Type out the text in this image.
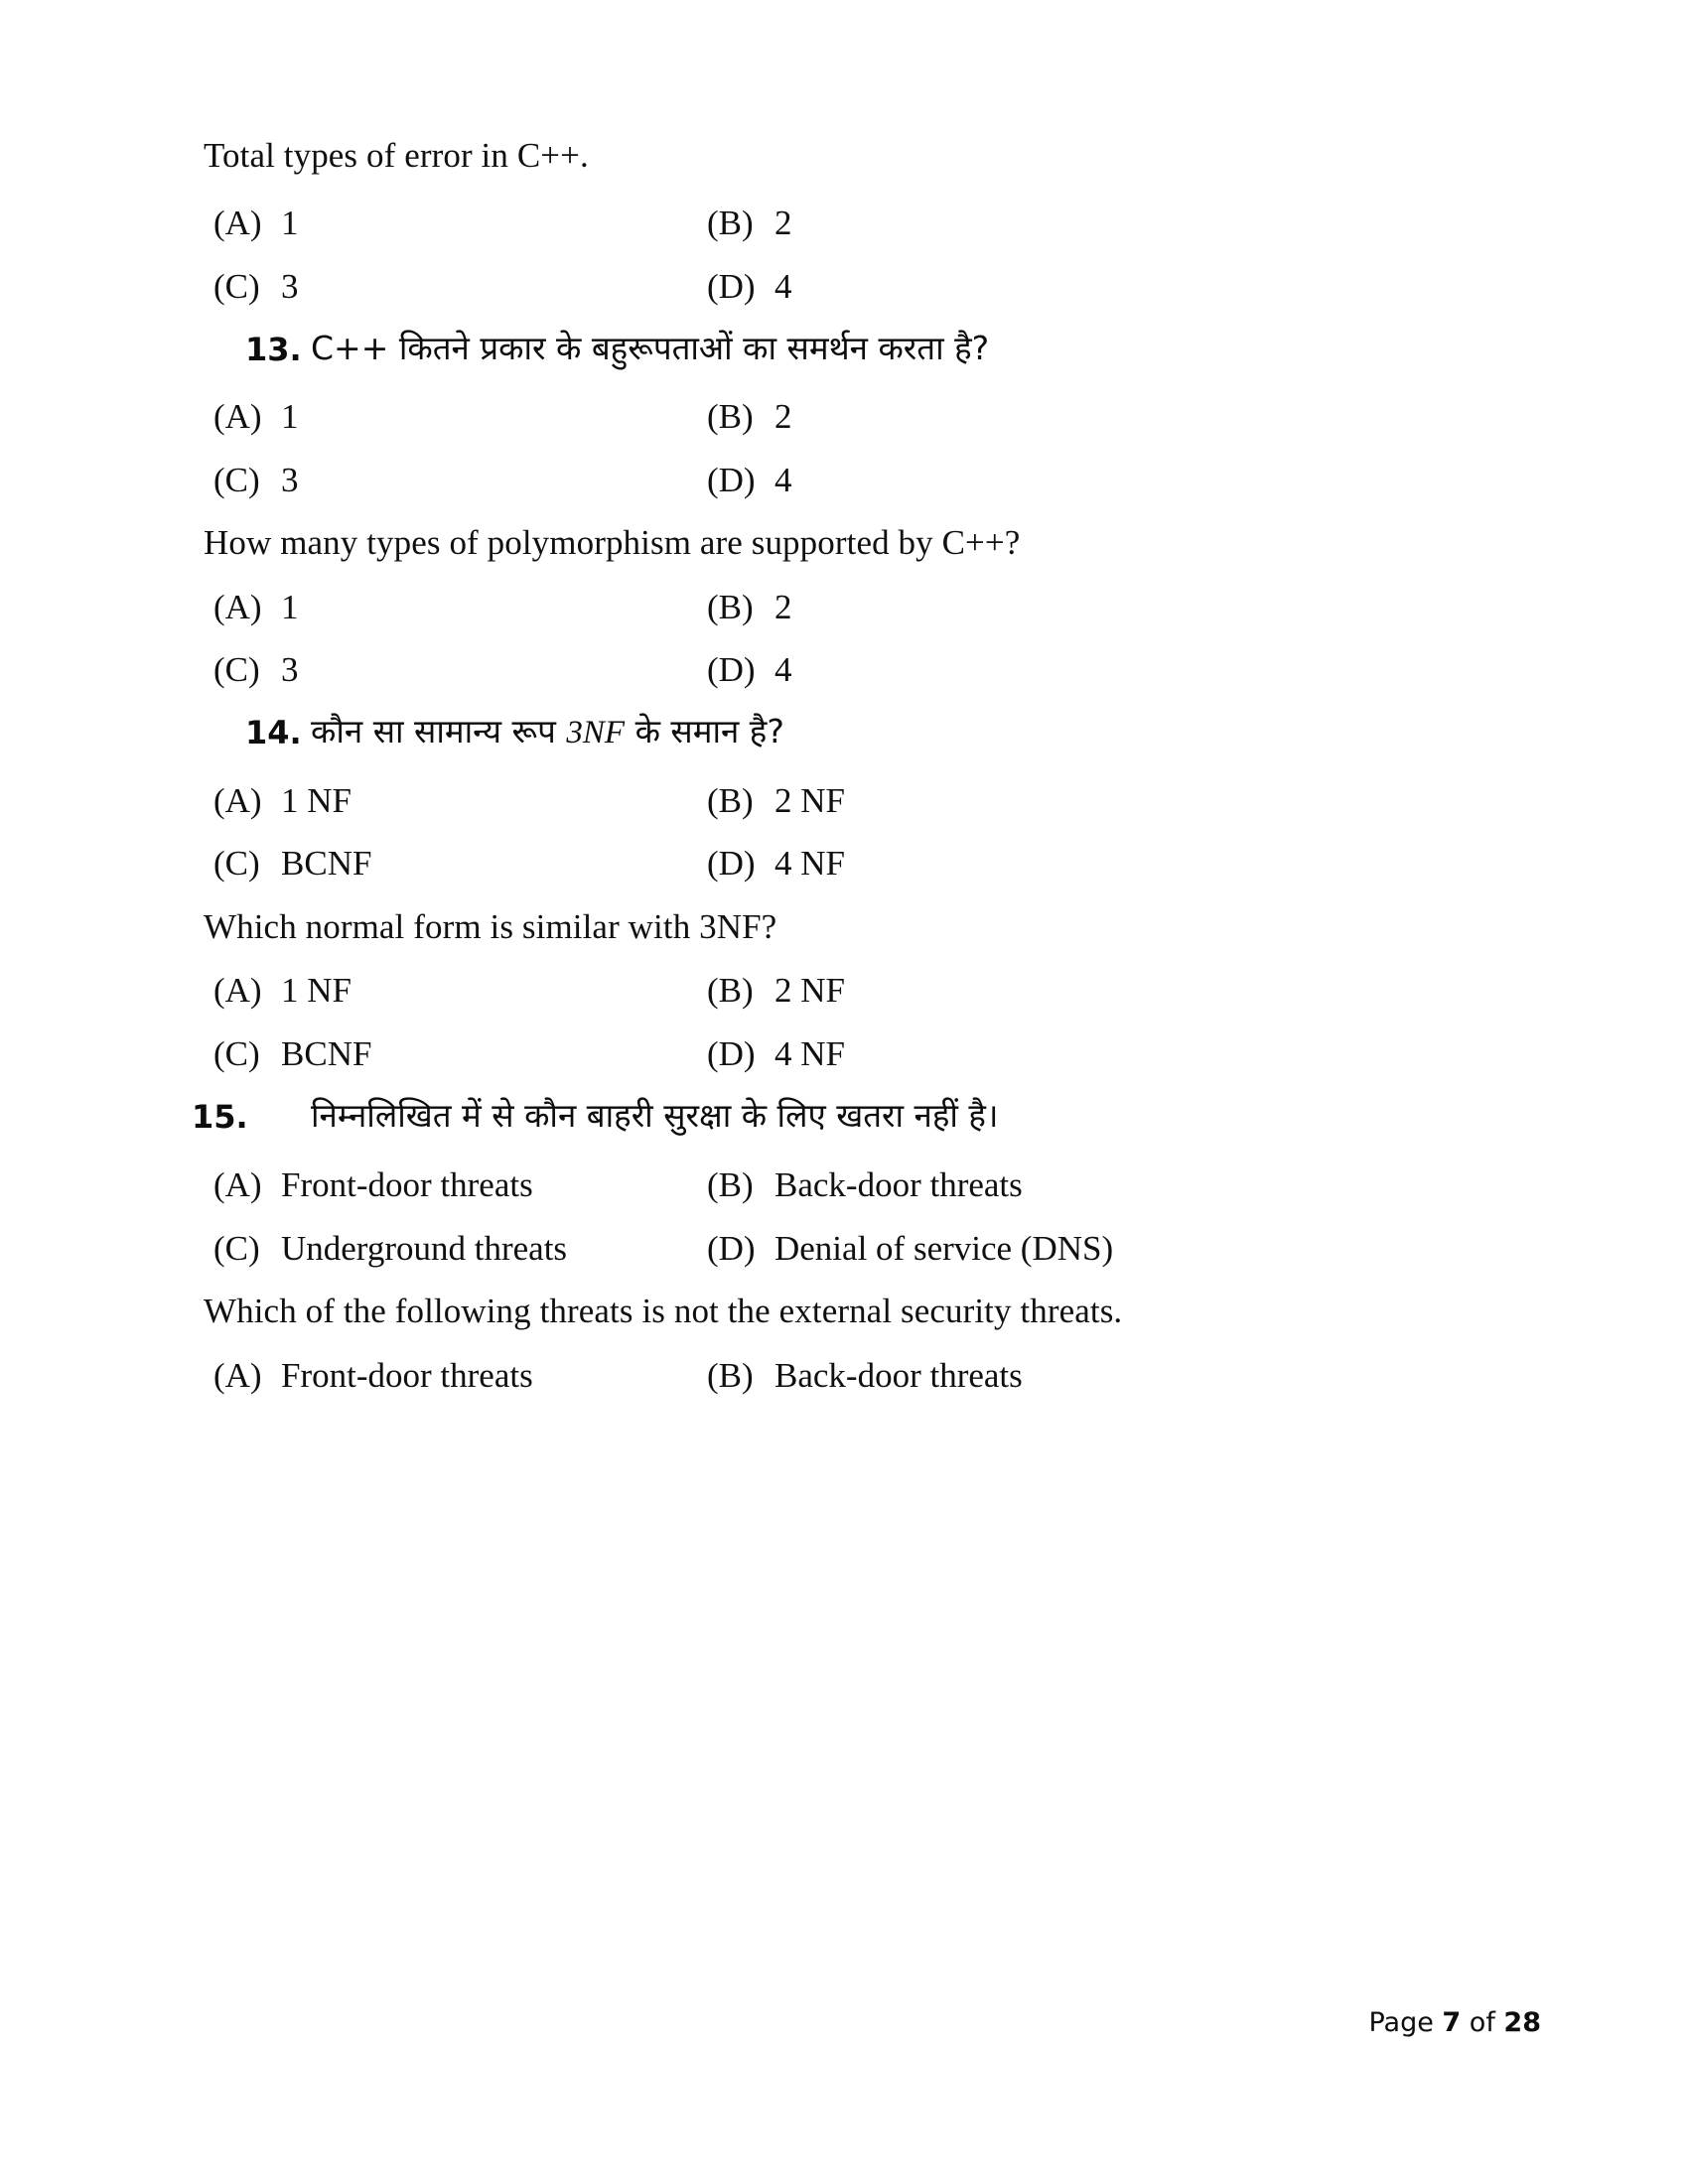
Total types of error in C++.
(A) 1	(B) 2
(C) 3	(D) 4
13. C++ कितने प्रकार के बहुरूपताओं का समर्थन करता है?
(A) 1	(B) 2
(C) 3	(D) 4
How many types of polymorphism are supported by C++?
(A) 1	(B) 2
(C) 3	(D) 4
14. कौन सा सामान्य रूप 3NF के समान है?
(A) 1 NF	(B) 2 NF
(C) BCNF	(D) 4 NF
Which normal form is similar with 3NF?
(A) 1 NF	(B) 2 NF
(C) BCNF	(D) 4 NF
15. निम्नलिखित में से कौन बाहरी सुरक्षा के लिए खतरा नहीं है।
(A) Front-door threats	(B) Back-door threats
(C) Underground threats	(D) Denial of service (DNS)
Which of the following threats is not the external security threats.
(A) Front-door threats	(B) Back-door threats
Page 7 of 28
